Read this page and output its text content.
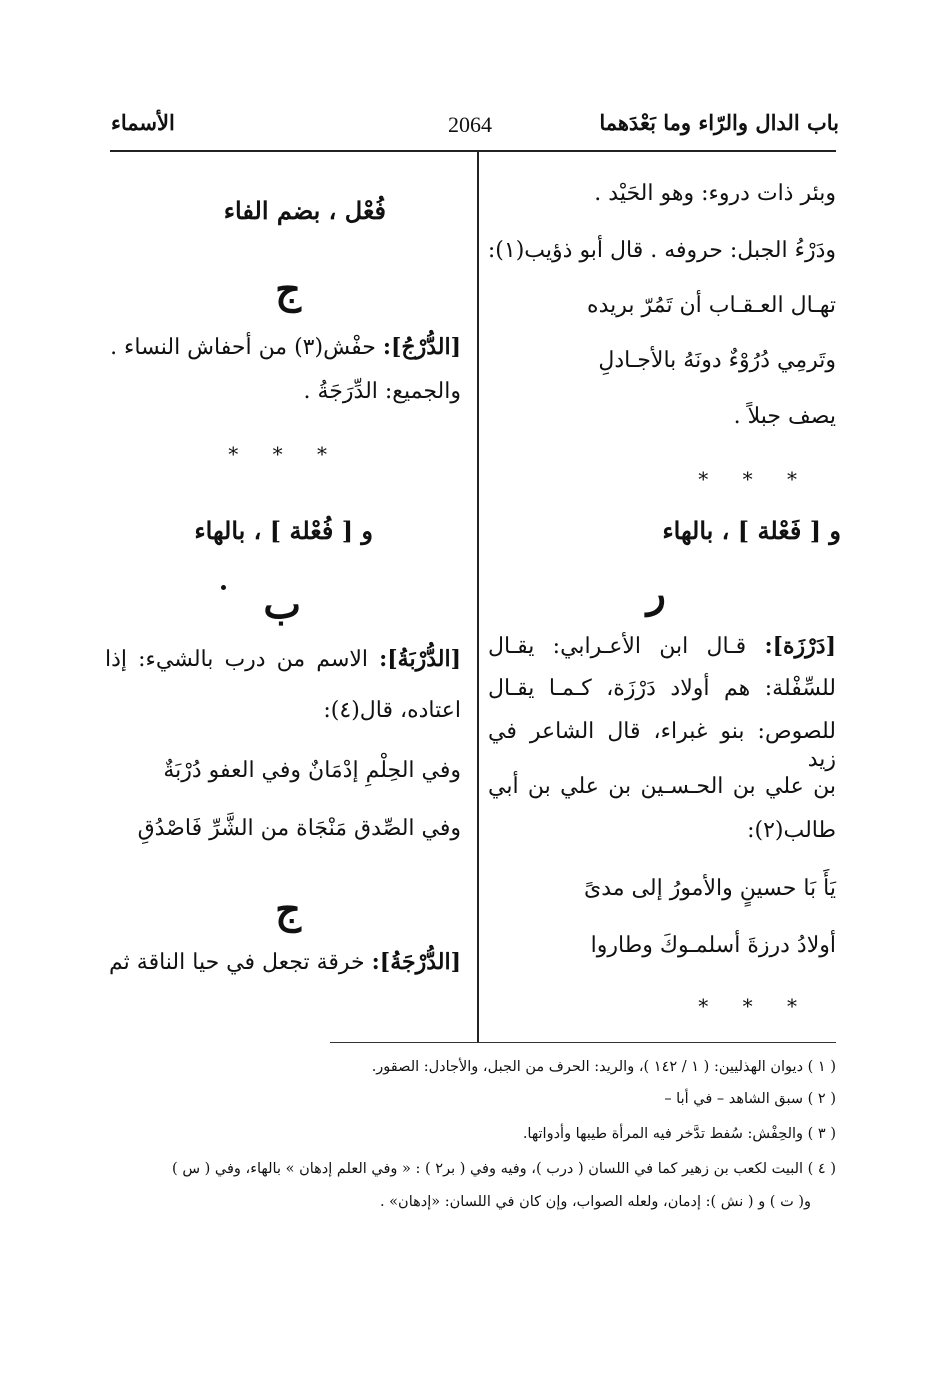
باب الدال والرّاء وما بَعْدَهما
2064
الأسماء
وبئر ذات دروء: وهو الحَيْد .
ودَرْءُ الجبل: حروفه . قال أبو ذؤيب(١):
تهـال العـقـاب أن تَمُرّ بريده
وتَرمِي دُرُوْءٌ دونَهُ بالأجـادلِ
يصف جبلاً .
* * *
و [ فَعْلة ] ، بالهاء
ر
[دَرْزَة]: قـال ابن الأعـرابي: يقـال
للسِّفْلة: هم أولاد دَرْزَة، كـمـا يقـال
للصوص: بنو غبراء، قال الشاعر في زيد
بن علي بن الحـسـين بن علي بن أبي
طالب(٢):
يَأَ بَا حسينٍ والأمورُ إلى مدىً
أولادُ درزةَ أسلمـوكَ وطاروا
* * *
فُعْل ، بضم الفاء
ج
[الدُّرْجُ]: حفْش(٣) من أحفاش النساء .
والجميع: الدِّرَجَةُ .
* * *
و [ فُعْلة ] ، بالهاء
ب
[الدُّرْبَةُ]: الاسم من درب بالشيء: إذا
اعتاده، قال(٤):
وفي الحِلْمِ إدْمَانٌ وفي العفو دُرْبَةٌ
وفي الصِّدق مَنْجَاة من الشَّرِّ فَاصْدُقِ
ج
[الدُّرْجَةُ]: خرقة تجعل في حيا الناقة ثم
( ١ ) ديوان الهذليين: ( ١ / ١٤٢ )، والريد: الحرف من الجبل، والأجادل: الصقور.
( ٢ ) سبق الشاهد – في أبا –
( ٣ ) والحِفْش: سُفط تدَّخر فيه المرأة طيبها وأدواتها.
( ٤ ) البيت لكعب بن زهير كما في اللسان ( درب )، وفيه وفي ( بر٢ ) : « وفي العلم إدهان » بالهاء، وفي ( س )
و( ت ) و ( نش ): إدمان، ولعله الصواب، وإن كان في اللسان: «إدهان» .
